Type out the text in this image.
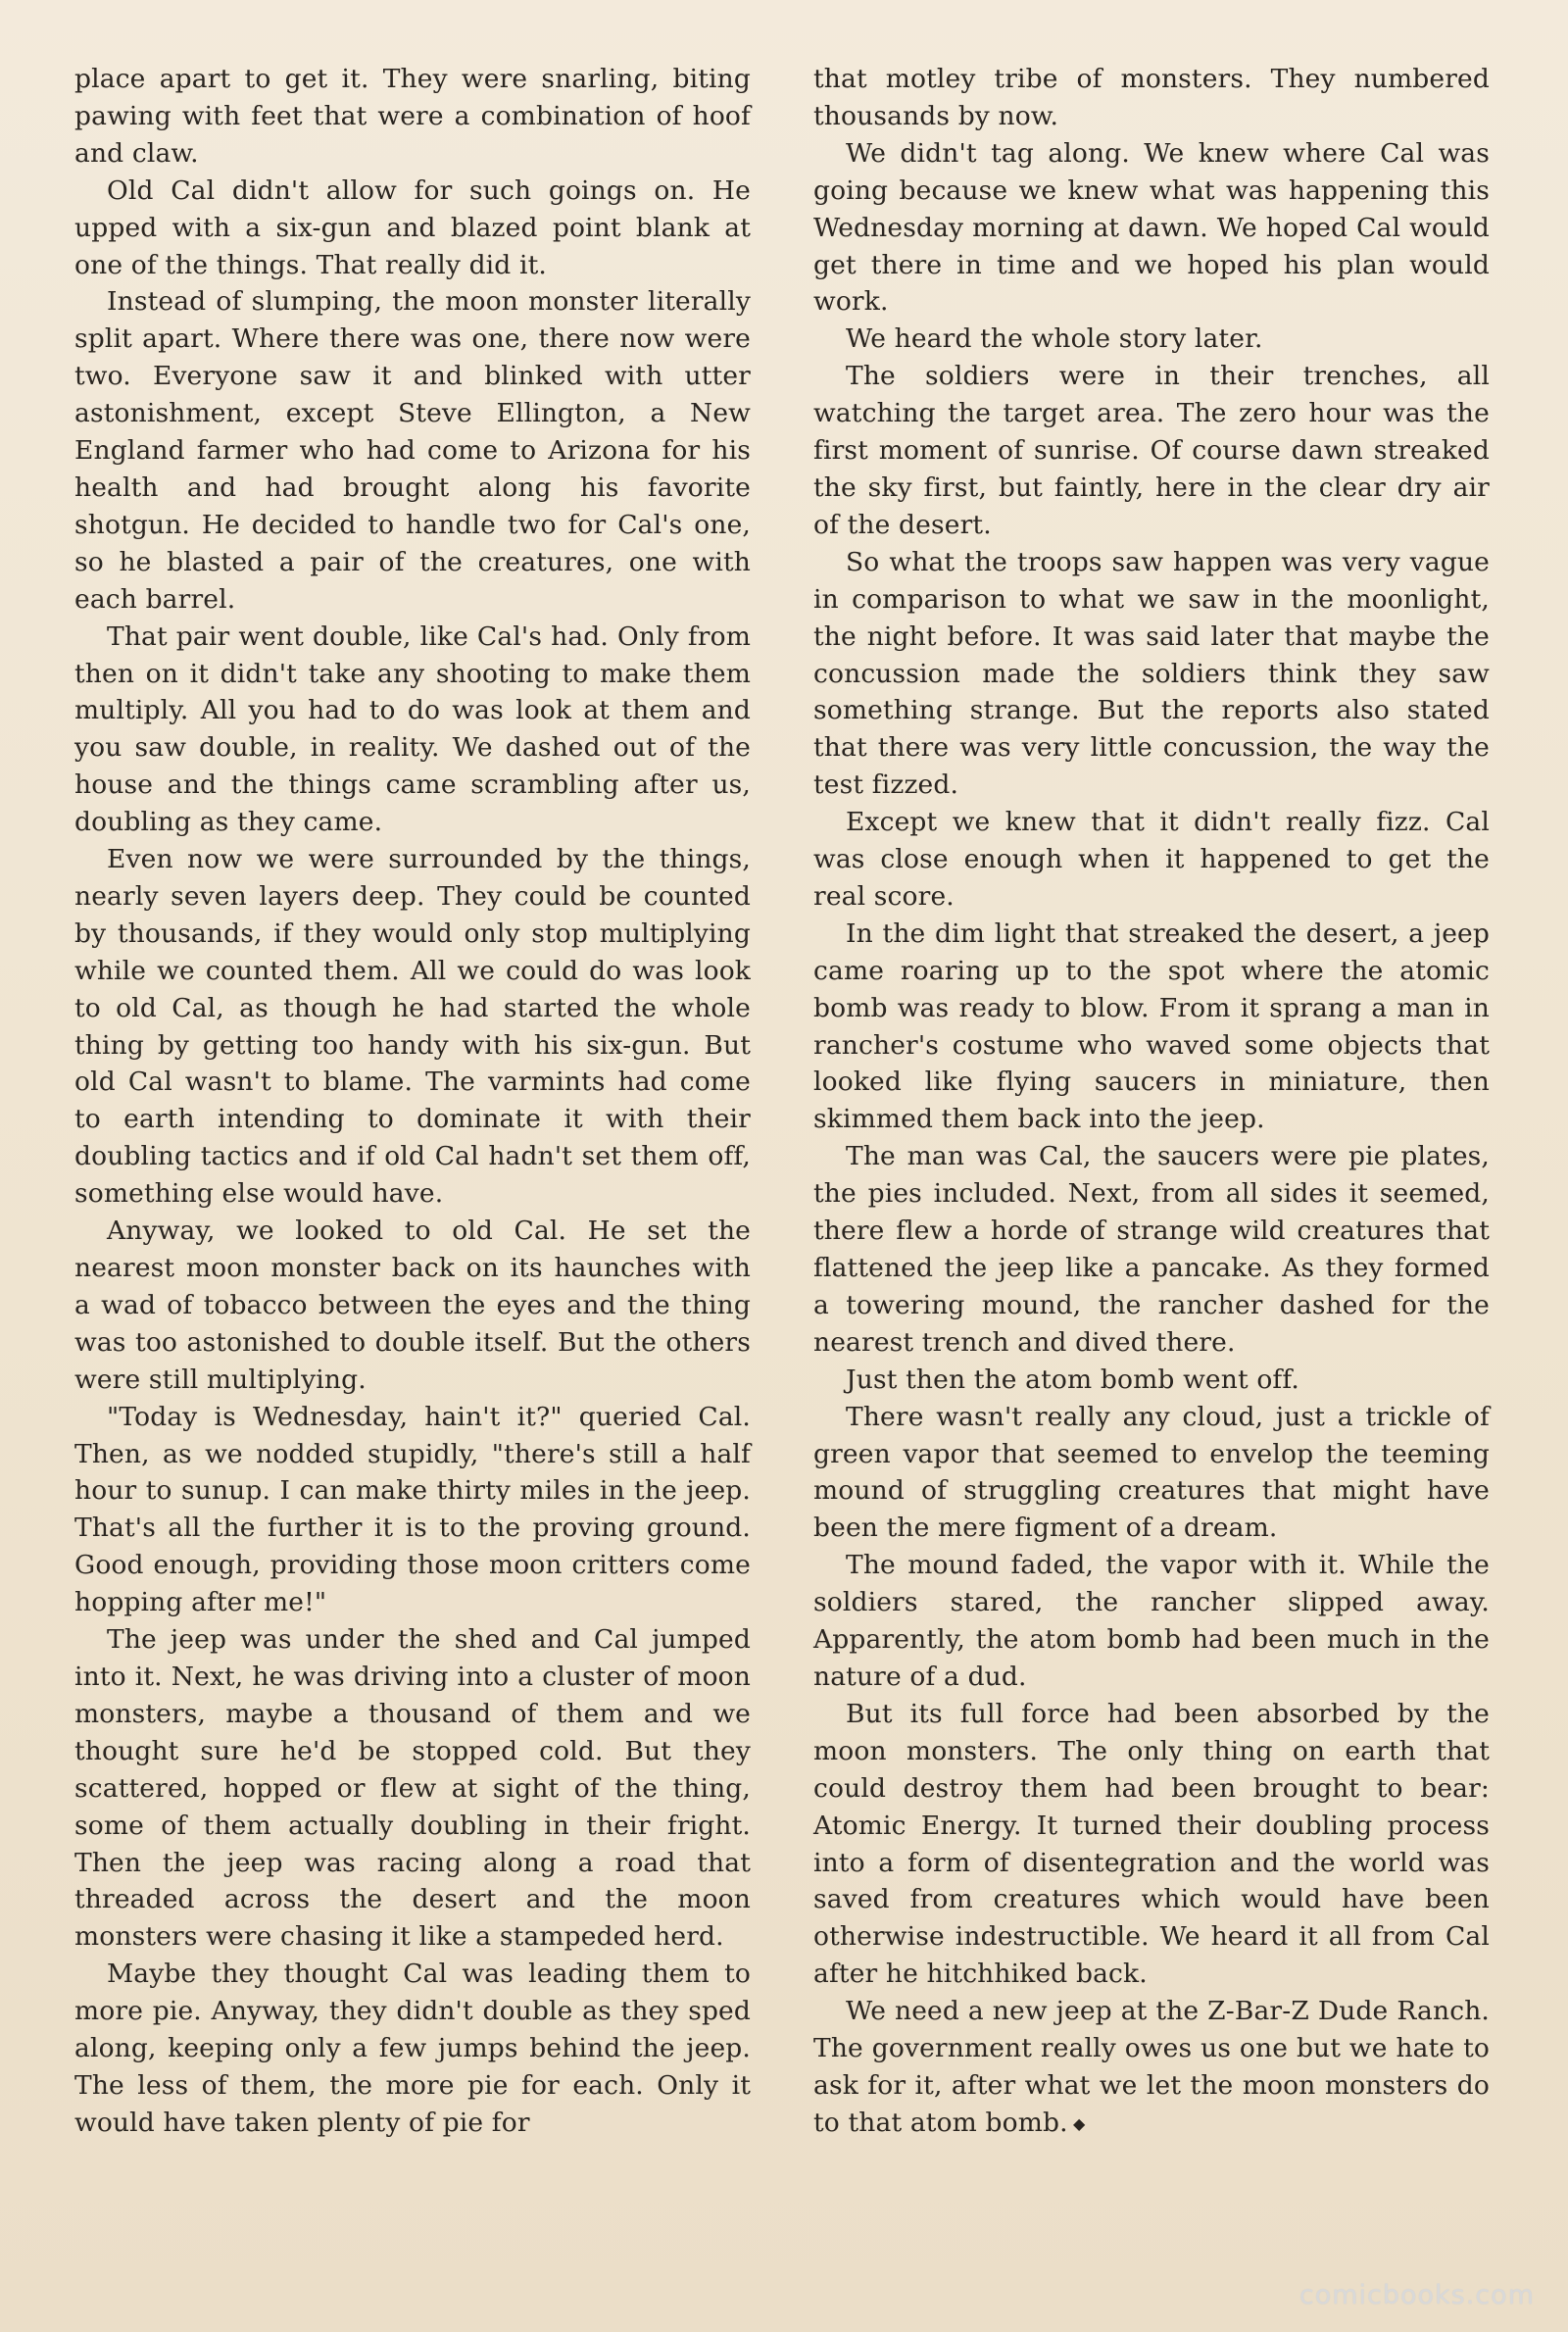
place apart to get it. They were snarling, biting pawing with feet that were a combination of hoof and claw.

Old Cal didn't allow for such goings on. He upped with a six-gun and blazed point blank at one of the things. That really did it.

Instead of slumping, the moon monster literally split apart. Where there was one, there now were two. Everyone saw it and blinked with utter astonishment, except Steve Ellington, a New England farmer who had come to Arizona for his health and had brought along his favorite shotgun. He decided to handle two for Cal's one, so he blasted a pair of the creatures, one with each barrel.

That pair went double, like Cal's had. Only from then on it didn't take any shooting to make them multiply. All you had to do was look at them and you saw double, in reality. We dashed out of the house and the things came scrambling after us, doubling as they came.

Even now we were surrounded by the things, nearly seven layers deep. They could be counted by thousands, if they would only stop multiplying while we counted them. All we could do was look to old Cal, as though he had started the whole thing by getting too handy with his six-gun. But old Cal wasn't to blame. The varmints had come to earth intending to dominate it with their doubling tactics and if old Cal hadn't set them off, something else would have.

Anyway, we looked to old Cal. He set the nearest moon monster back on its haunches with a wad of tobacco between the eyes and the thing was too astonished to double itself. But the others were still multiplying.

"Today is Wednesday, hain't it?" queried Cal. Then, as we nodded stupidly, "there's still a half hour to sunup. I can make thirty miles in the jeep. That's all the further it is to the proving ground. Good enough, providing those moon critters come hopping after me!"

The jeep was under the shed and Cal jumped into it. Next, he was driving into a cluster of moon monsters, maybe a thousand of them and we thought sure he'd be stopped cold. But they scattered, hopped or flew at sight of the thing, some of them actually doubling in their fright. Then the jeep was racing along a road that threaded across the desert and the moon monsters were chasing it like a stampeded herd.

Maybe they thought Cal was leading them to more pie. Anyway, they didn't double as they sped along, keeping only a few jumps behind the jeep. The less of them, the more pie for each. Only it would have taken plenty of pie for

that motley tribe of monsters. They numbered thousands by now.

We didn't tag along. We knew where Cal was going because we knew what was happening this Wednesday morning at dawn. We hoped Cal would get there in time and we hoped his plan would work.

We heard the whole story later.

The soldiers were in their trenches, all watching the target area. The zero hour was the first moment of sunrise. Of course dawn streaked the sky first, but faintly, here in the clear dry air of the desert.

So what the troops saw happen was very vague in comparison to what we saw in the moonlight, the night before. It was said later that maybe the concussion made the soldiers think they saw something strange. But the reports also stated that there was very little concussion, the way the test fizzed.

Except we knew that it didn't really fizz. Cal was close enough when it happened to get the real score.

In the dim light that streaked the desert, a jeep came roaring up to the spot where the atomic bomb was ready to blow. From it sprang a man in rancher's costume who waved some objects that looked like flying saucers in miniature, then skimmed them back into the jeep.

The man was Cal, the saucers were pie plates, the pies included. Next, from all sides it seemed, there flew a horde of strange wild creatures that flattened the jeep like a pancake. As they formed a towering mound, the rancher dashed for the nearest trench and dived there.

Just then the atom bomb went off.

There wasn't really any cloud, just a trickle of green vapor that seemed to envelop the teeming mound of struggling creatures that might have been the mere figment of a dream.

The mound faded, the vapor with it. While the soldiers stared, the rancher slipped away. Apparently, the atom bomb had been much in the nature of a dud.

But its full force had been absorbed by the moon monsters. The only thing on earth that could destroy them had been brought to bear: Atomic Energy. It turned their doubling process into a form of disentegration and the world was saved from creatures which would have been otherwise indestructible. We heard it all from Cal after he hitchhiked back.

We need a new jeep at the Z-Bar-Z Dude Ranch. The government really owes us one but we hate to ask for it, after what we let the moon monsters do to that atom bomb. ◆

comicbooks.com
